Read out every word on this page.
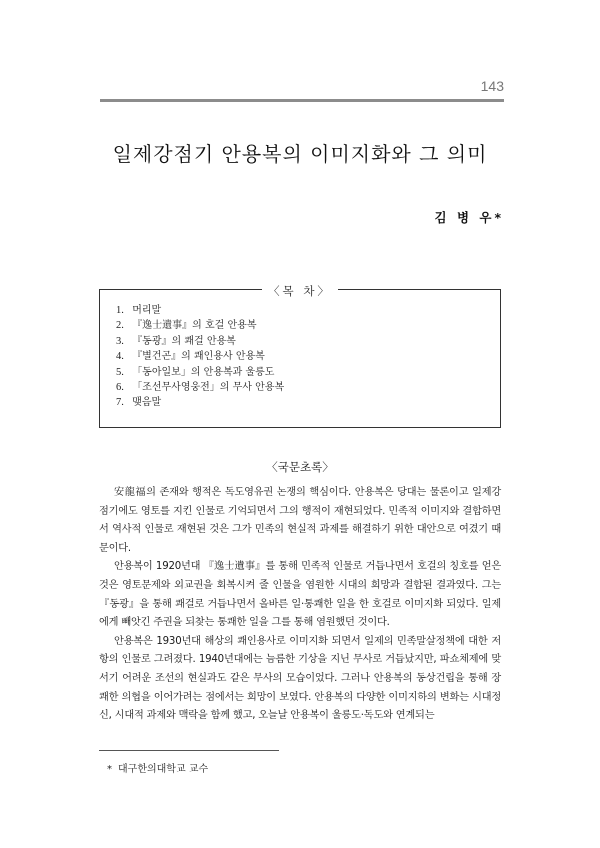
143
일제강점기 안용복의 이미지화와 그 의미
김 병 우*
〈목 차〉
1. 머리말
2. 『逸士遺事』의 호걸 안용복
3. 『동광』의 쾌걸 안용복
4. 『별건곤』의 쾌인용사 안용복
5. 「동아일보」의 안용복과 울릉도
6. 「조선무사영웅전」의 무사 안용복
7. 맺음말
〈국문초록〉

安龍福의 존재와 행적은 독도영유권 논쟁의 핵심이다. 안용복은 당대는 물론이고 일제강점기에도 영토를 지킨 인물로 기억되면서 그의 행적이 재현되었다. 민족적 이미지와 결합하면서 역사적 인물로 재현된 것은 그가 민족의 현실적 과제를 해결하기 위한 대안으로 여겼기 때문이다.

안용복이 1920년대 『逸士遺事』를 통해 민족적 인물로 거듭나면서 호걸의 칭호를 얻은 것은 영토문제와 외교권을 회복시켜 줄 인물을 염원한 시대의 희망과 결합된 결과였다. 그는 『동광』을 통해 쾌걸로 거듭나면서 올바른 일·통쾌한 일을 한 호걸로 이미지화 되었다. 일제에게 빼앗긴 주권을 되찾는 통쾌한 일을 그를 통해 염원했던 것이다.

안용복은 1930년대 해상의 쾌인용사로 이미지화 되면서 일제의 민족말살정책에 대한 저항의 인물로 그려졌다. 1940년대에는 늠름한 기상을 지닌 무사로 거듭났지만, 파쇼체제에 맞서기 어려운 조선의 현실과도 같은 무사의 모습이었다. 그러나 안용복의 동상건립을 통해 장쾌한 의협을 이어가려는 점에서는 희망이 보였다. 안용복의 다양한 이미지하의 변화는 시대정신, 시대적 과제와 맥락을 함께 했고, 오늘날 안용복이 울릉도·독도와 연계되는

* 대구한의대학교 교수
